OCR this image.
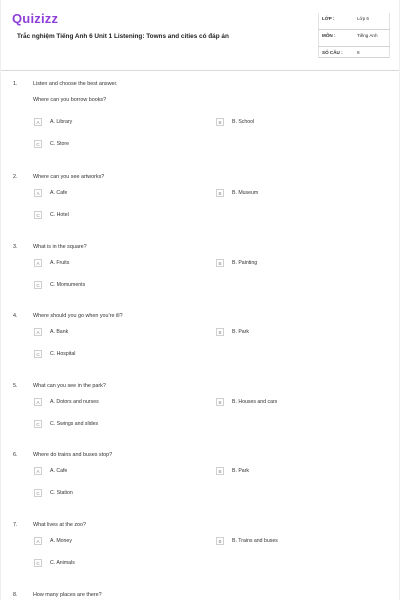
Quizizz
Trắc nghiệm Tiếng Anh 6 Unit 1 Listening: Towns and cities có đáp án
LỚP :	Lớp 6
MÔN :	Tiếng Anh
SỐ CÂU :	8
1.	Listen and choose the best answer.
Where can you borrow books?
A	A. Library	B	B. School
C	C. Store
2.	Where can you see artworks?
A	A. Cafe	B	B. Museum
C	C. Hotel
3.	What is in the square?
A	A. Fruits	B	B. Painting
C	C. Momuments
4.	Where should you go when you’re ill?
A	A. Bank	B	B. Park
C	C. Hospital
5.	What can you see in the park?
A	A. Dotors and nurses	B	B. Houses and cars
C	C. Swings and slides
6.	Where do trains and buses stop?
A	A. Cafe	B	B. Park
C	C. Station
7.	What lives at the zoo?
A	A. Money	B	B. Trains and buses
C	C. Animals
8.	How many places are there?
